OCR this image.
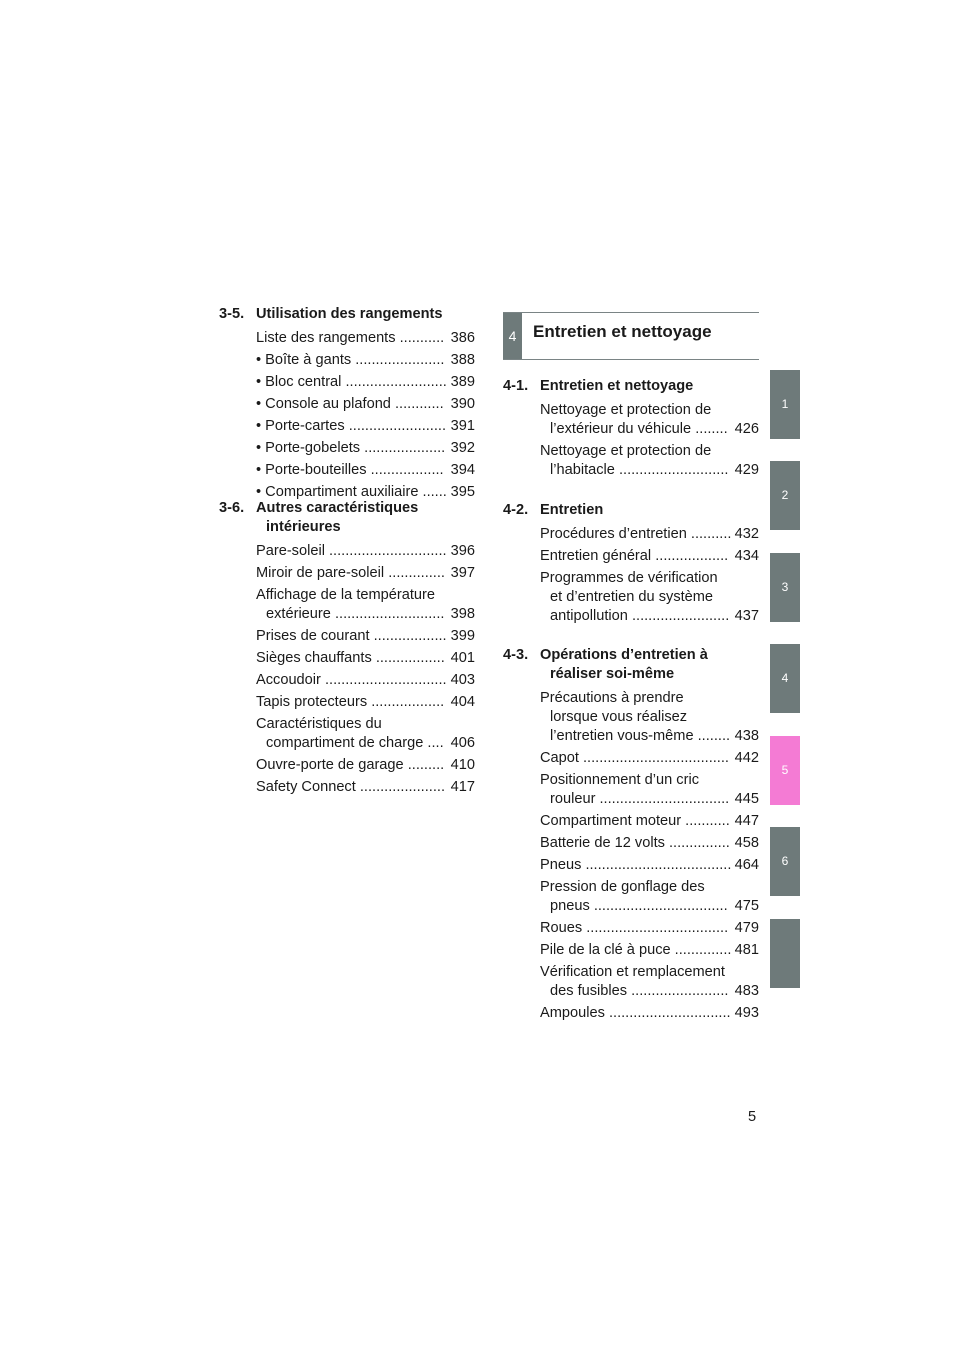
3-5. Utilisation des rangements
Liste des rangements ........... 386
• Boîte à gants ...................... 388
• Bloc central ......................... 389
• Console au plafond ............ 390
• Porte-cartes ........................ 391
• Porte-gobelets .................... 392
• Porte-bouteilles .................. 394
• Compartiment auxiliaire ...... 395
3-6. Autres caractéristiques intérieures
Pare-soleil ............................. 396
Miroir de pare-soleil .............. 397
Affichage de la température extérieure ........................... 398
Prises de courant .................. 399
Sièges chauffants ................. 401
Accoudoir .............................. 403
Tapis protecteurs .................. 404
Caractéristiques du compartiment de charge .... 406
Ouvre-porte de garage ......... 410
Safety Connect ..................... 417
4 Entretien et nettoyage
4-1. Entretien et nettoyage
Nettoyage et protection de l’extérieur du véhicule ........ 426
Nettoyage et protection de l’habitacle ........................... 429
4-2. Entretien
Procédures d’entretien .......... 432
Entretien général .................. 434
Programmes de vérification et d’entretien du système antipollution ........................ 437
4-3. Opérations d’entretien à réaliser soi-même
Précautions à prendre lorsque vous réalisez l’entretien vous-même ........ 438
Capot .................................... 442
Positionnement d’un cric rouleur ................................ 445
Compartiment moteur ........... 447
Batterie de 12 volts ............... 458
Pneus .................................... 464
Pression de gonflage des pneus ................................. 475
Roues ................................... 479
Pile de la clé à puce .............. 481
Vérification et remplacement des fusibles ........................ 483
Ampoules .............................. 493
1
2
3
4
5
6
5
